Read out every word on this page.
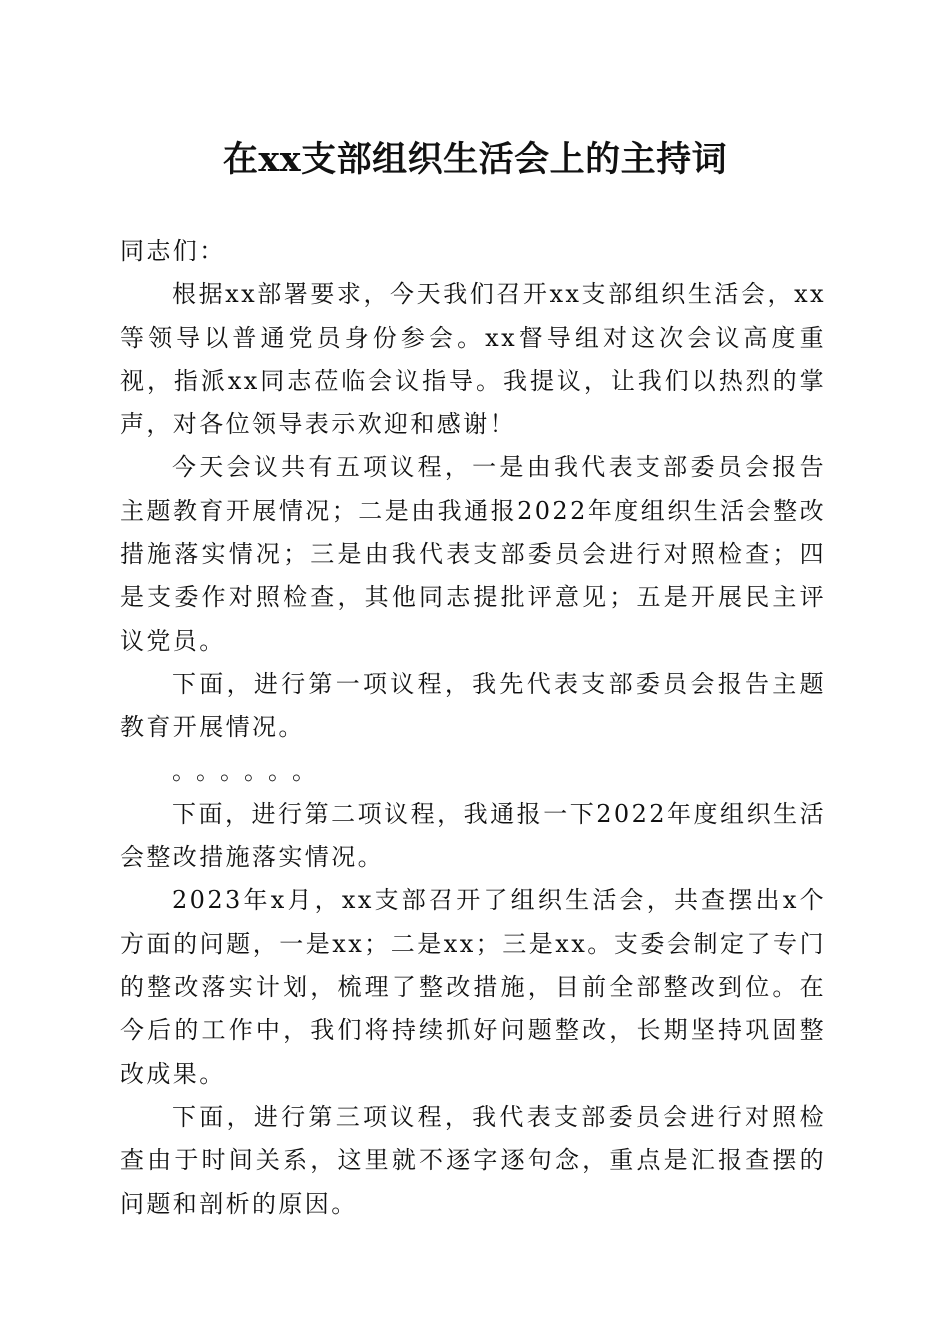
在xx支部组织生活会上的主持词

同志们：

根据xx部署要求，今天我们召开xx支部组织生活会，xx等领导以普通党员身份参会。xx督导组对这次会议高度重视，指派xx同志莅临会议指导。我提议，让我们以热烈的掌声，对各位领导表示欢迎和感谢！

今天会议共有五项议程，一是由我代表支部委员会报告主题教育开展情况；二是由我通报2022年度组织生活会整改措施落实情况；三是由我代表支部委员会进行对照检查；四是支委作对照检查，其他同志提批评意见；五是开展民主评议党员。

下面，进行第一项议程，我先代表支部委员会报告主题教育开展情况。

。。。。。。

下面，进行第二项议程，我通报一下2022年度组织生活会整改措施落实情况。

2023年x月，xx支部召开了组织生活会，共查摆出x个方面的问题，一是xx；二是xx；三是xx。支委会制定了专门的整改落实计划，梳理了整改措施，目前全部整改到位。在今后的工作中，我们将持续抓好问题整改，长期坚持巩固整改成果。

下面，进行第三项议程，我代表支部委员会进行对照检查由于时间关系，这里就不逐字逐句念，重点是汇报查摆的问题和剖析的原因。
